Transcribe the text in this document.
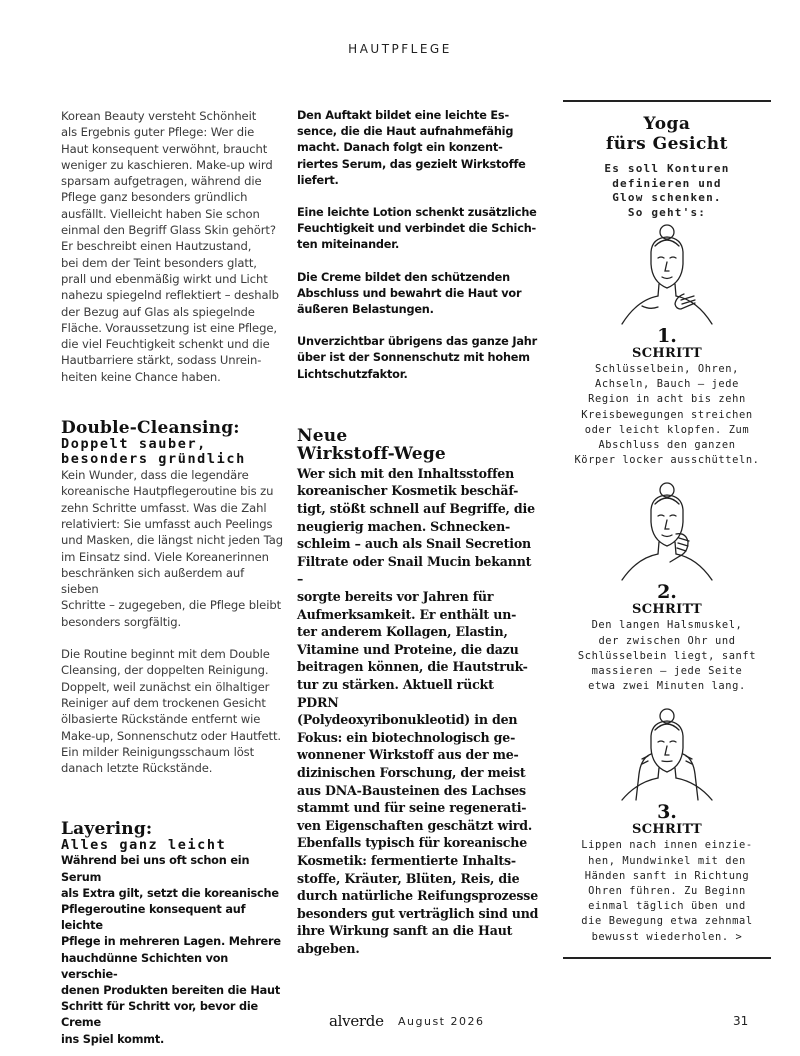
HAUTPFLEGE
Korean Beauty versteht Schönheit
als Ergebnis guter Pflege: Wer die
Haut konsequent verwöhnt, braucht
weniger zu kaschieren. Make-up wird
sparsam aufgetragen, während die
Pflege ganz besonders gründlich
ausfällt. Vielleicht haben Sie schon
einmal den Begriff Glass Skin gehört?
Er beschreibt einen Hautzustand,
bei dem der Teint besonders glatt,
prall und ebenmäßig wirkt und Licht
nahezu spiegelnd reflektiert – deshalb
der Bezug auf Glas als spiegelnde
Fläche. Voraussetzung ist eine Pflege,
die viel Feuchtigkeit schenkt und die
Hautbarriere stärkt, sodass Unrein-
heiten keine Chance haben.
Double-Cleansing:
Doppelt sauber,
besonders gründlich
Kein Wunder, dass die legendäre
koreanische Hautpflegeroutine bis zu
zehn Schritte umfasst. Was die Zahl
relativiert: Sie umfasst auch Peelings
und Masken, die längst nicht jeden Tag
im Einsatz sind. Viele Koreanerinnen
beschränken sich außerdem auf sieben
Schritte – zugegeben, die Pflege bleibt
besonders sorgfältig.
Die Routine beginnt mit dem Double
Cleansing, der doppelten Reinigung.
Doppelt, weil zunächst ein ölhaltiger
Reiniger auf dem trockenen Gesicht
ölbasierte Rückstände entfernt wie
Make-up, Sonnenschutz oder Hautfett.
Ein milder Reinigungsschaum löst
danach letzte Rückstände.
Layering:
Alles ganz leicht
Während bei uns oft schon ein Serum
als Extra gilt, setzt die koreanische
Pflegeroutine konsequent auf leichte
Pflege in mehreren Lagen. Mehrere
hauchdünne Schichten von verschie-
denen Produkten bereiten die Haut
Schritt für Schritt vor, bevor die Creme
ins Spiel kommt.
Den Auftakt bildet eine leichte Es-
sence, die die Haut aufnahmefähig
macht. Danach folgt ein konzent-
riertes Serum, das gezielt Wirkstoffe
liefert.
Eine leichte Lotion schenkt zusätzliche
Feuchtigkeit und verbindet die Schich-
ten miteinander.
Die Creme bildet den schützenden
Abschluss und bewahrt die Haut vor
äußeren Belastungen.
Unverzichtbar übrigens das ganze Jahr
über ist der Sonnenschutz mit hohem
Lichtschutzfaktor.
Neue
Wirkstoff-Wege
Wer sich mit den Inhaltsstoffen
koreanischer Kosmetik beschäf-
tigt, stößt schnell auf Begriffe, die
neugierig machen. Schnecken-
schleim – auch als Snail Secretion
Filtrate oder Snail Mucin bekannt –
sorgte bereits vor Jahren für
Aufmerksamkeit. Er enthält un-
ter anderem Kollagen, Elastin,
Vitamine und Proteine, die dazu
beitragen können, die Hautstruk-
tur zu stärken. Aktuell rückt PDRN
(Polydeoxyribonukleotid) in den
Fokus: ein biotechnologisch ge-
wonnener Wirkstoff aus der me-
dizinischen Forschung, der meist
aus DNA-Bausteinen des Lachses
stammt und für seine regenerati-
ven Eigenschaften geschätzt wird.
Ebenfalls typisch für koreanische
Kosmetik: fermentierte Inhalts-
stoffe, Kräuter, Blüten, Reis, die
durch natürliche Reifungsprozesse
besonders gut verträglich sind und
ihre Wirkung sanft an die Haut
abgeben.
Yoga
fürs Gesicht
Es soll Konturen
definieren und
Glow schenken.
So geht's:
1.
SCHRITT
Schlüsselbein, Ohren,
Achseln, Bauch – jede
Region in acht bis zehn
Kreisbewegungen streichen
oder leicht klopfen. Zum
Abschluss den ganzen
Körper locker ausschütteln.
2.
SCHRITT
Den langen Halsmuskel,
der zwischen Ohr und
Schlüsselbein liegt, sanft
massieren – jede Seite
etwa zwei Minuten lang.
3.
SCHRITT
Lippen nach innen einzie-
hen, Mundwinkel mit den
Händen sanft in Richtung
Ohren führen. Zu Beginn
einmal täglich üben und
die Bewegung etwa zehnmal
bewusst wiederholen. >
alverde August 2026	31
